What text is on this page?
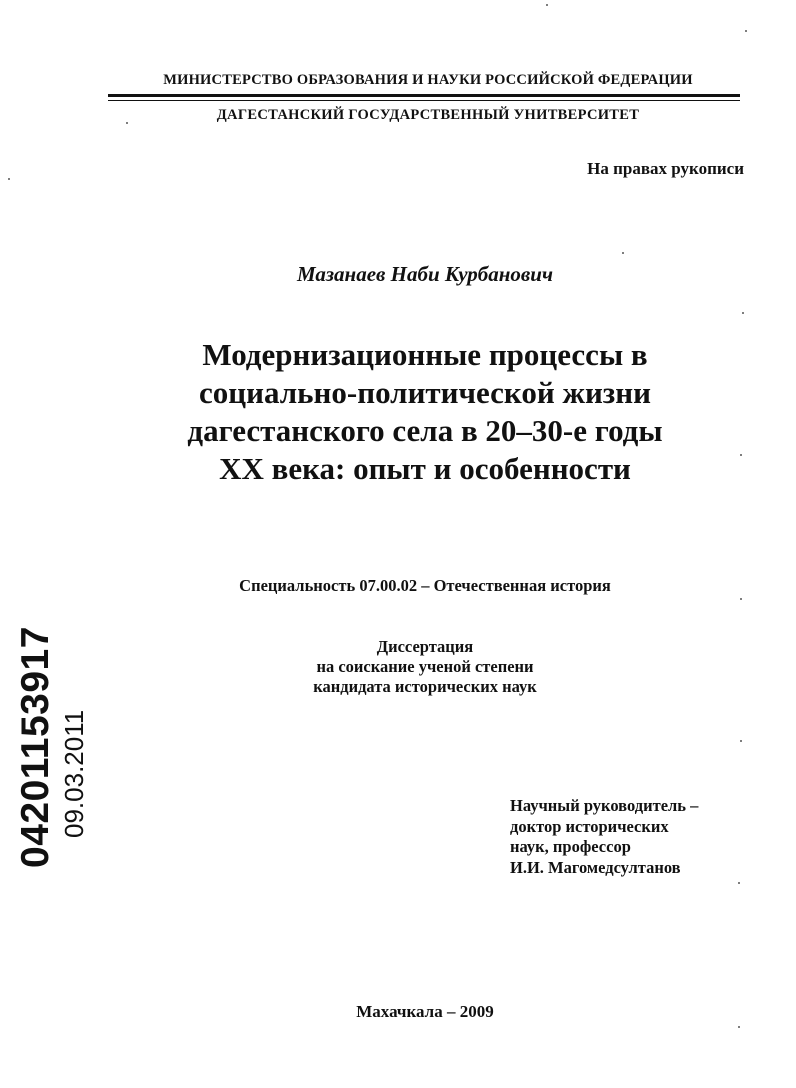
МИНИСТЕРСТВО ОБРАЗОВАНИЯ И НАУКИ РОССИЙСКОЙ ФЕДЕРАЦИИ
ДАГЕСТАНСКИЙ ГОСУДАРСТВЕННЫЙ УНИТВЕРСИТЕТ
На правах рукописи
Мазанаев Наби Курбанович
Модернизационные процессы в
социально-политической жизни
дагестанского села в 20–30-е годы
XX века: опыт и особенности
Специальность 07.00.02 – Отечественная история
Диссертация
на соискание ученой степени
кандидата исторических наук
Научный руководитель –
доктор исторических
наук, профессор
И.И. Магомедсултанов
Махачкала – 2009
04201153917 09.03.2011
